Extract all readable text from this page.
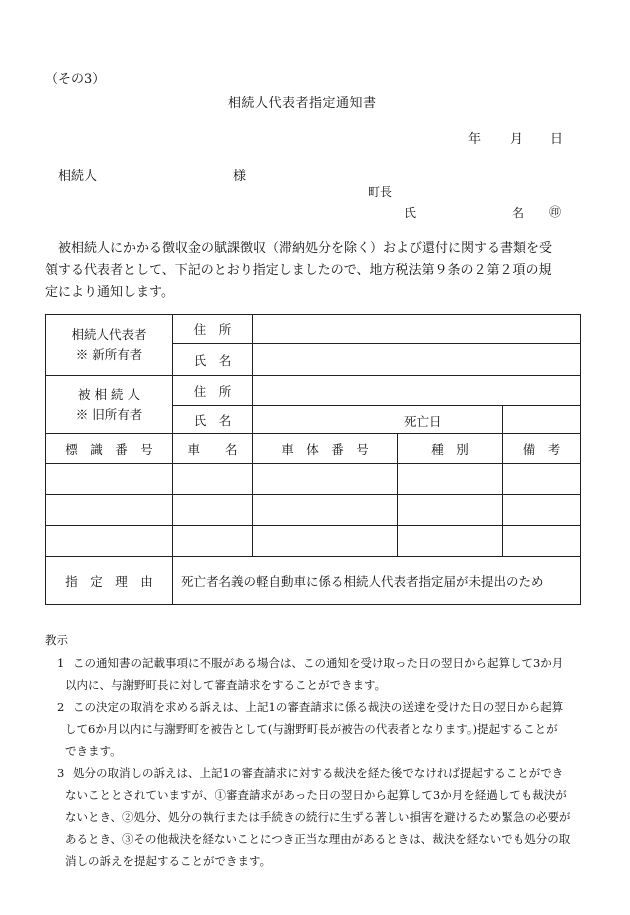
（その3）
相続人代表者指定通知書
年 月 日
相続人	様
町長
氏	名 ㊞

被相続人にかかる徴収金の賦課徴収（滞納処分を除く）および還付に関する書類を受

領する代表者として、下記のとおり指定しましたので、地方税法第９条の２第２項の規

定により通知します。

相続人代表者
※ 新所有者	住　所			
	氏　名			

被 相 続 人
※ 旧所有者	住　所			
	氏　名	死亡日		

標　識　番　号	車　　名	車　体　番　号	種　別	備　考

指　定　理　由	死亡者名義の軽自動車に係る相続人代表者指定届が未提出のため			
教示
1 この通知書の記載事項に不服がある場合は、この通知を受け取った日の翌日から起算して3か月
以内に、与謝野町長に対して審査請求をすることができます。
2 この決定の取消を求める訴えは、上記1の審査請求に係る裁決の送達を受けた日の翌日から起算
して6か月以内に与謝野町を被告として(与謝野町長が被告の代表者となります。)提起することが
できます。
3 処分の取消しの訴えは、上記1の審査請求に対する裁決を経た後でなければ提起することができ
ないこととされていますが、①審査請求があった日の翌日から起算して3か月を経過しても裁決が
ないとき、②処分、処分の執行または手続きの続行に生ずる著しい損害を避けるため緊急の必要が
あるとき、③その他裁決を経ないことにつき正当な理由があるときは、裁決を経ないでも処分の取
消しの訴えを提起することができます。
